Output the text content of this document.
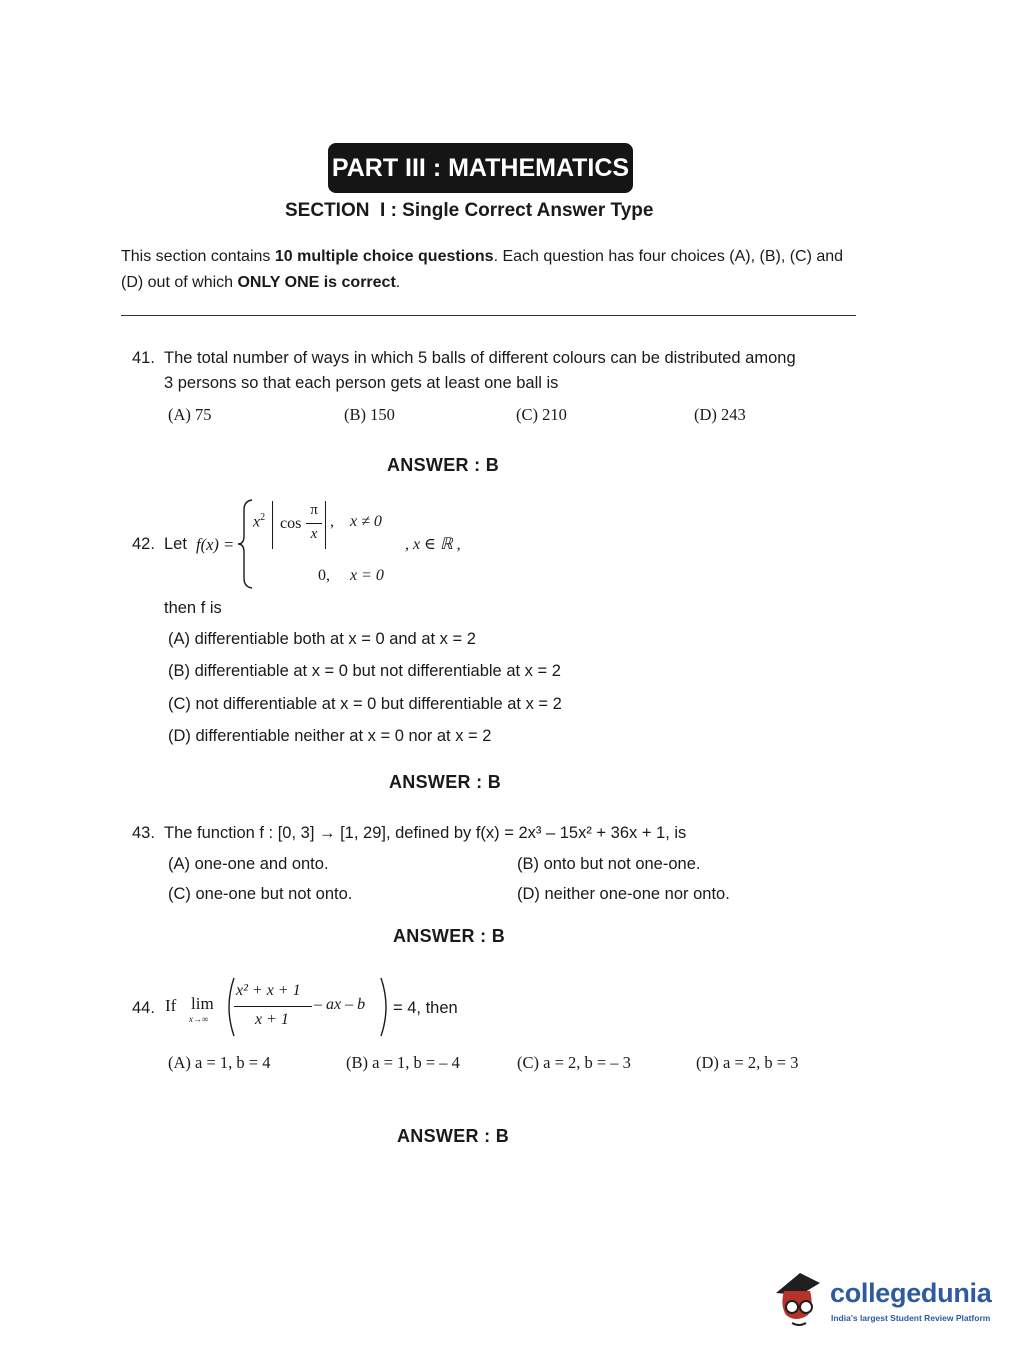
PART III : MATHEMATICS
SECTION  I : Single Correct Answer Type
This section contains 10 multiple choice questions. Each question has four choices (A), (B), (C) and (D) out of which ONLY ONE is correct.
41. The total number of ways in which 5 balls of different colours can be distributed among
3 persons so that each person gets at least one ball is
(A) 75	(B) 150	(C) 210	(D) 243
ANSWER : B
42. Let f(x) =
$x^2$ cos
π
x
, x ≠ 0
0, x = 0
, x ∈ ℝ ,
then f is
(A) differentiable both at x = 0 and at x = 2
(B) differentiable at x = 0 but not differentiable at x = 2
(C) not differentiable at x = 0 but differentiable at x = 2
(D) differentiable neither at x = 0 nor at x = 2
ANSWER : B
43. The function f : [0, 3] → [1, 29], defined by f(x) = 2x³ – 15x² + 36x + 1, is
(A) one-one and onto.	(B) onto but not one-one.
(C) one-one but not onto.	(D) neither one-one nor onto.
ANSWER : B
44. If lim
x→∞
x² + x + 1
x + 1
– ax – b = 4, then
(A) a = 1, b = 4	(B) a = 1, b = – 4	(C) a = 2, b = – 3	(D) a = 2, b = 3
ANSWER : B
collegedunia
India's largest Student Review Platform
